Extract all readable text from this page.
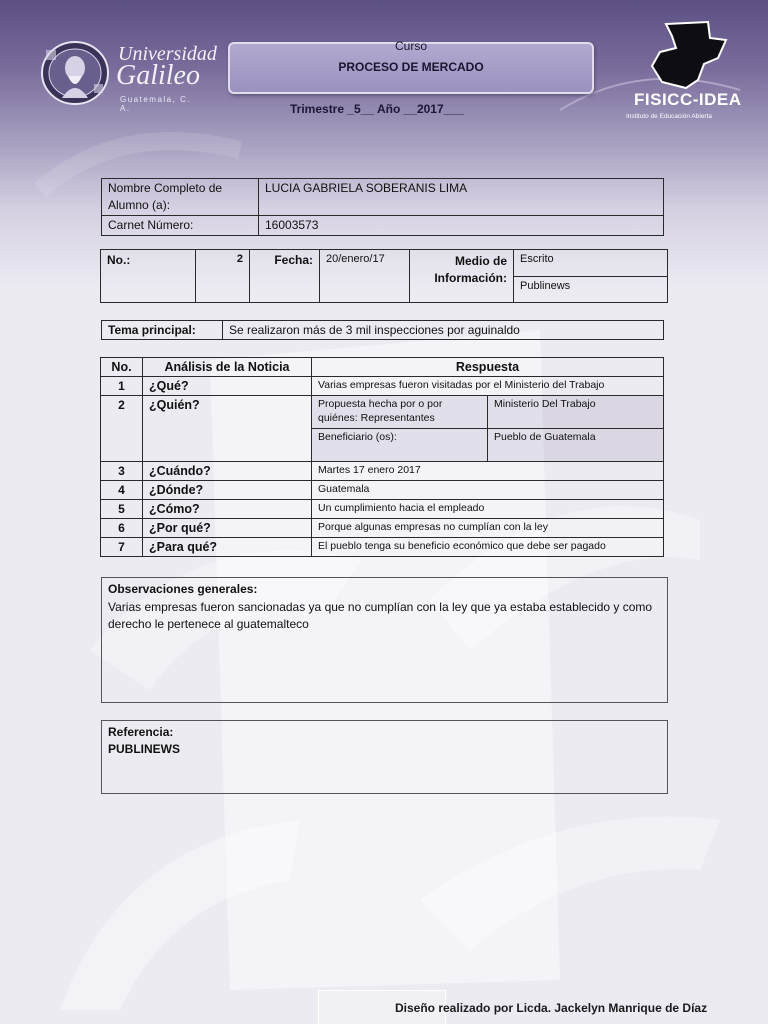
Universidad
Galileo
Guatemala, C. A.
Curso
PROCESO DE MERCADO
Trimestre _5__ Año __2017___	FISICC-IDEA
Instituto de Educación Abierta
Nombre Completo de Alumno (a):	LUCIA GABRIELA SOBERANIS LIMA
Carnet Número:	16003573
No.:	2	Fecha:	20/enero/17	Medio de Información:	Escrito
Publinews
Tema principal:	Se realizaron más de 3 mil inspecciones por aguinaldo
No.	Análisis de la Noticia	Respuesta	
1	¿Qué?	Varias empresas fueron visitadas por el Ministerio del Trabajo	
2	¿Quién?	Propuesta hecha por o por quiénes: Representantes	Ministerio Del Trabajo
		Beneficiario (os):	Pueblo de Guatemala
3	¿Cuándo?	Martes 17 enero 2017	
4	¿Dónde?	Guatemala	
5	¿Cómo?	Un cumplimiento hacia el empleado	
6	¿Por qué?	Porque algunas empresas no cumplían con la ley	
7	¿Para qué?	El pueblo tenga su beneficio económico que debe ser pagado	
Observaciones generales:
Varias empresas fueron sancionadas ya que no cumplían con la ley que ya estaba establecido y como derecho le pertenece al guatemalteco
Referencia:
PUBLINEWS
Diseño realizado por Licda. Jackelyn Manrique de Díaz
